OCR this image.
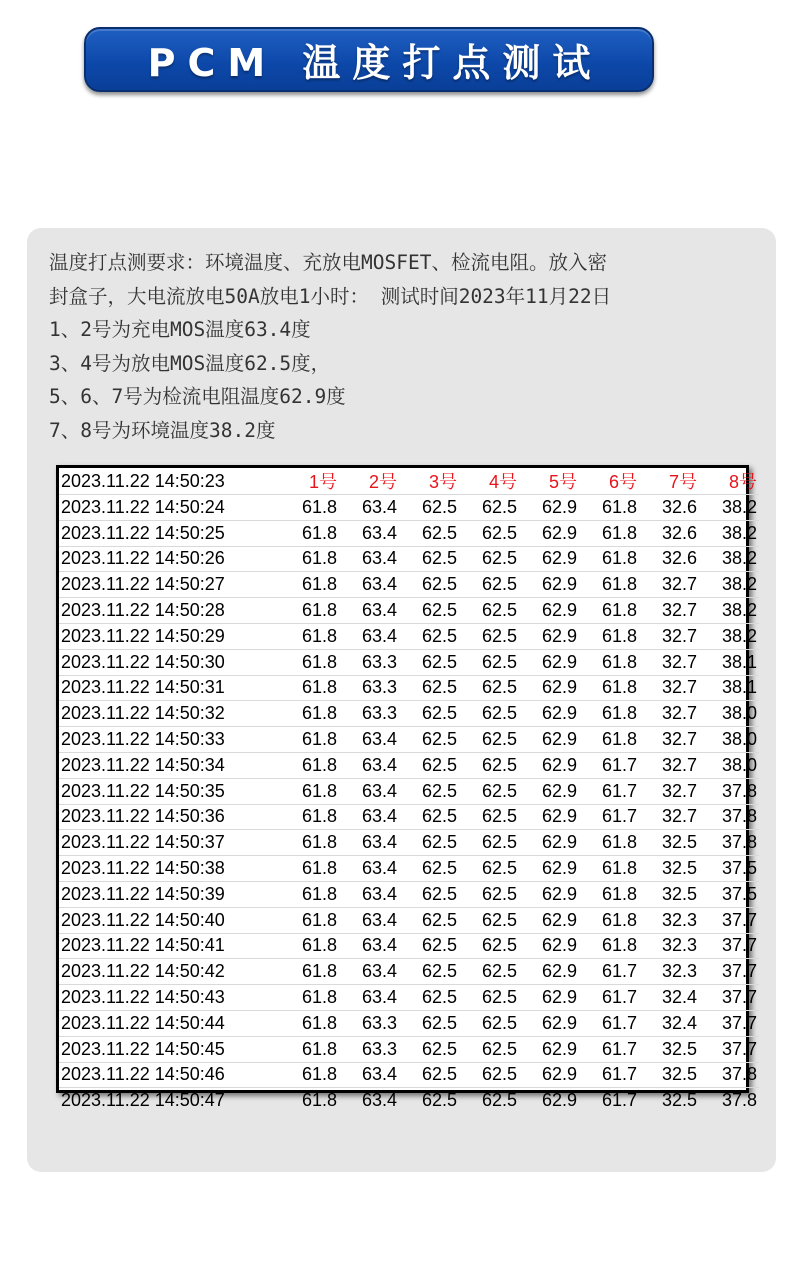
PCM 温度打点测试
温度打点测要求：环境温度、充放电MOSFET、检流电阻。放入密
封盒子，大电流放电50A放电1小时： 测试时间2023年11月22日
1、2号为充电MOS温度63.4度
3、4号为放电MOS温度62.5度，
5、6、7号为检流电阻温度62.9度
7、8号为环境温度38.2度
2023.11.22 14:50:23	1号	2号	3号	4号	5号	6号	7号	8号
2023.11.22 14:50:24	61.8	63.4	62.5	62.5	62.9	61.8	32.6	38.2
2023.11.22 14:50:25	61.8	63.4	62.5	62.5	62.9	61.8	32.6	38.2
2023.11.22 14:50:26	61.8	63.4	62.5	62.5	62.9	61.8	32.6	38.2
2023.11.22 14:50:27	61.8	63.4	62.5	62.5	62.9	61.8	32.7	38.2
2023.11.22 14:50:28	61.8	63.4	62.5	62.5	62.9	61.8	32.7	38.2
2023.11.22 14:50:29	61.8	63.4	62.5	62.5	62.9	61.8	32.7	38.2
2023.11.22 14:50:30	61.8	63.3	62.5	62.5	62.9	61.8	32.7	38.1
2023.11.22 14:50:31	61.8	63.3	62.5	62.5	62.9	61.8	32.7	38.1
2023.11.22 14:50:32	61.8	63.3	62.5	62.5	62.9	61.8	32.7	38.0
2023.11.22 14:50:33	61.8	63.4	62.5	62.5	62.9	61.8	32.7	38.0
2023.11.22 14:50:34	61.8	63.4	62.5	62.5	62.9	61.7	32.7	38.0
2023.11.22 14:50:35	61.8	63.4	62.5	62.5	62.9	61.7	32.7	37.8
2023.11.22 14:50:36	61.8	63.4	62.5	62.5	62.9	61.7	32.7	37.8
2023.11.22 14:50:37	61.8	63.4	62.5	62.5	62.9	61.8	32.5	37.8
2023.11.22 14:50:38	61.8	63.4	62.5	62.5	62.9	61.8	32.5	37.5
2023.11.22 14:50:39	61.8	63.4	62.5	62.5	62.9	61.8	32.5	37.5
2023.11.22 14:50:40	61.8	63.4	62.5	62.5	62.9	61.8	32.3	37.7
2023.11.22 14:50:41	61.8	63.4	62.5	62.5	62.9	61.8	32.3	37.7
2023.11.22 14:50:42	61.8	63.4	62.5	62.5	62.9	61.7	32.3	37.7
2023.11.22 14:50:43	61.8	63.4	62.5	62.5	62.9	61.7	32.4	37.7
2023.11.22 14:50:44	61.8	63.3	62.5	62.5	62.9	61.7	32.4	37.7
2023.11.22 14:50:45	61.8	63.3	62.5	62.5	62.9	61.7	32.5	37.7
2023.11.22 14:50:46	61.8	63.4	62.5	62.5	62.9	61.7	32.5	37.8
2023.11.22 14:50:47	61.8	63.4	62.5	62.5	62.9	61.7	32.5	37.8
